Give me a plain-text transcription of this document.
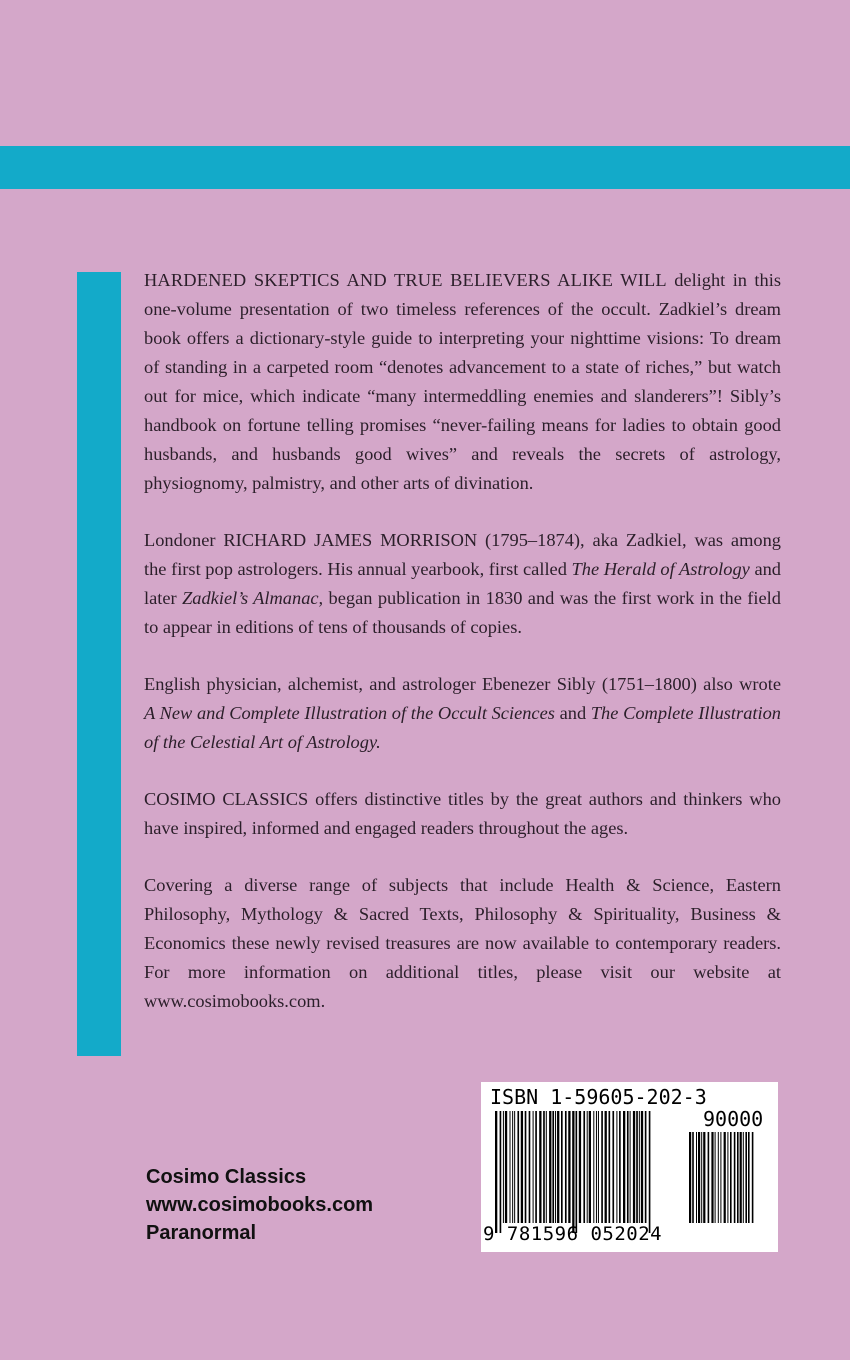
HARDENED SKEPTICS AND TRUE BELIEVERS ALIKE WILL delight in this one-volume presentation of two timeless references of the occult. Zadkiel’s dream book offers a dictionary-style guide to interpreting your nighttime visions: To dream of standing in a carpeted room “denotes advancement to a state of riches,” but watch out for mice, which indicate “many intermeddling enemies and slanderers”! Sibly’s handbook on fortune telling promises “never-failing means for ladies to obtain good husbands, and husbands good wives” and reveals the secrets of astrology, physiognomy, palmistry, and other arts of divination.

Londoner RICHARD JAMES MORRISON (1795–1874), aka Zadkiel, was among the first pop astrologers. His annual yearbook, first called The Herald of Astrology and later Zadkiel’s Almanac, began publication in 1830 and was the first work in the field to appear in editions of tens of thousands of copies.

English physician, alchemist, and astrologer Ebenezer Sibly (1751–1800) also wrote A New and Complete Illustration of the Occult Sciences and The Complete Illustration of the Celestial Art of Astrology.

COSIMO CLASSICS offers distinctive titles by the great authors and thinkers who have inspired, informed and engaged readers throughout the ages.

Covering a diverse range of subjects that include Health & Science, Eastern Philosophy, Mythology & Sacred Texts, Philosophy & Spirituality, Business & Economics these newly revised treasures are now available to contemporary readers. For more information on additional titles, please visit our website at www.cosimobooks.com.

Cosimo Classics
www.cosimobooks.com
Paranormal
ISBN 1-59605-202-3
90000
9 781596 052024
